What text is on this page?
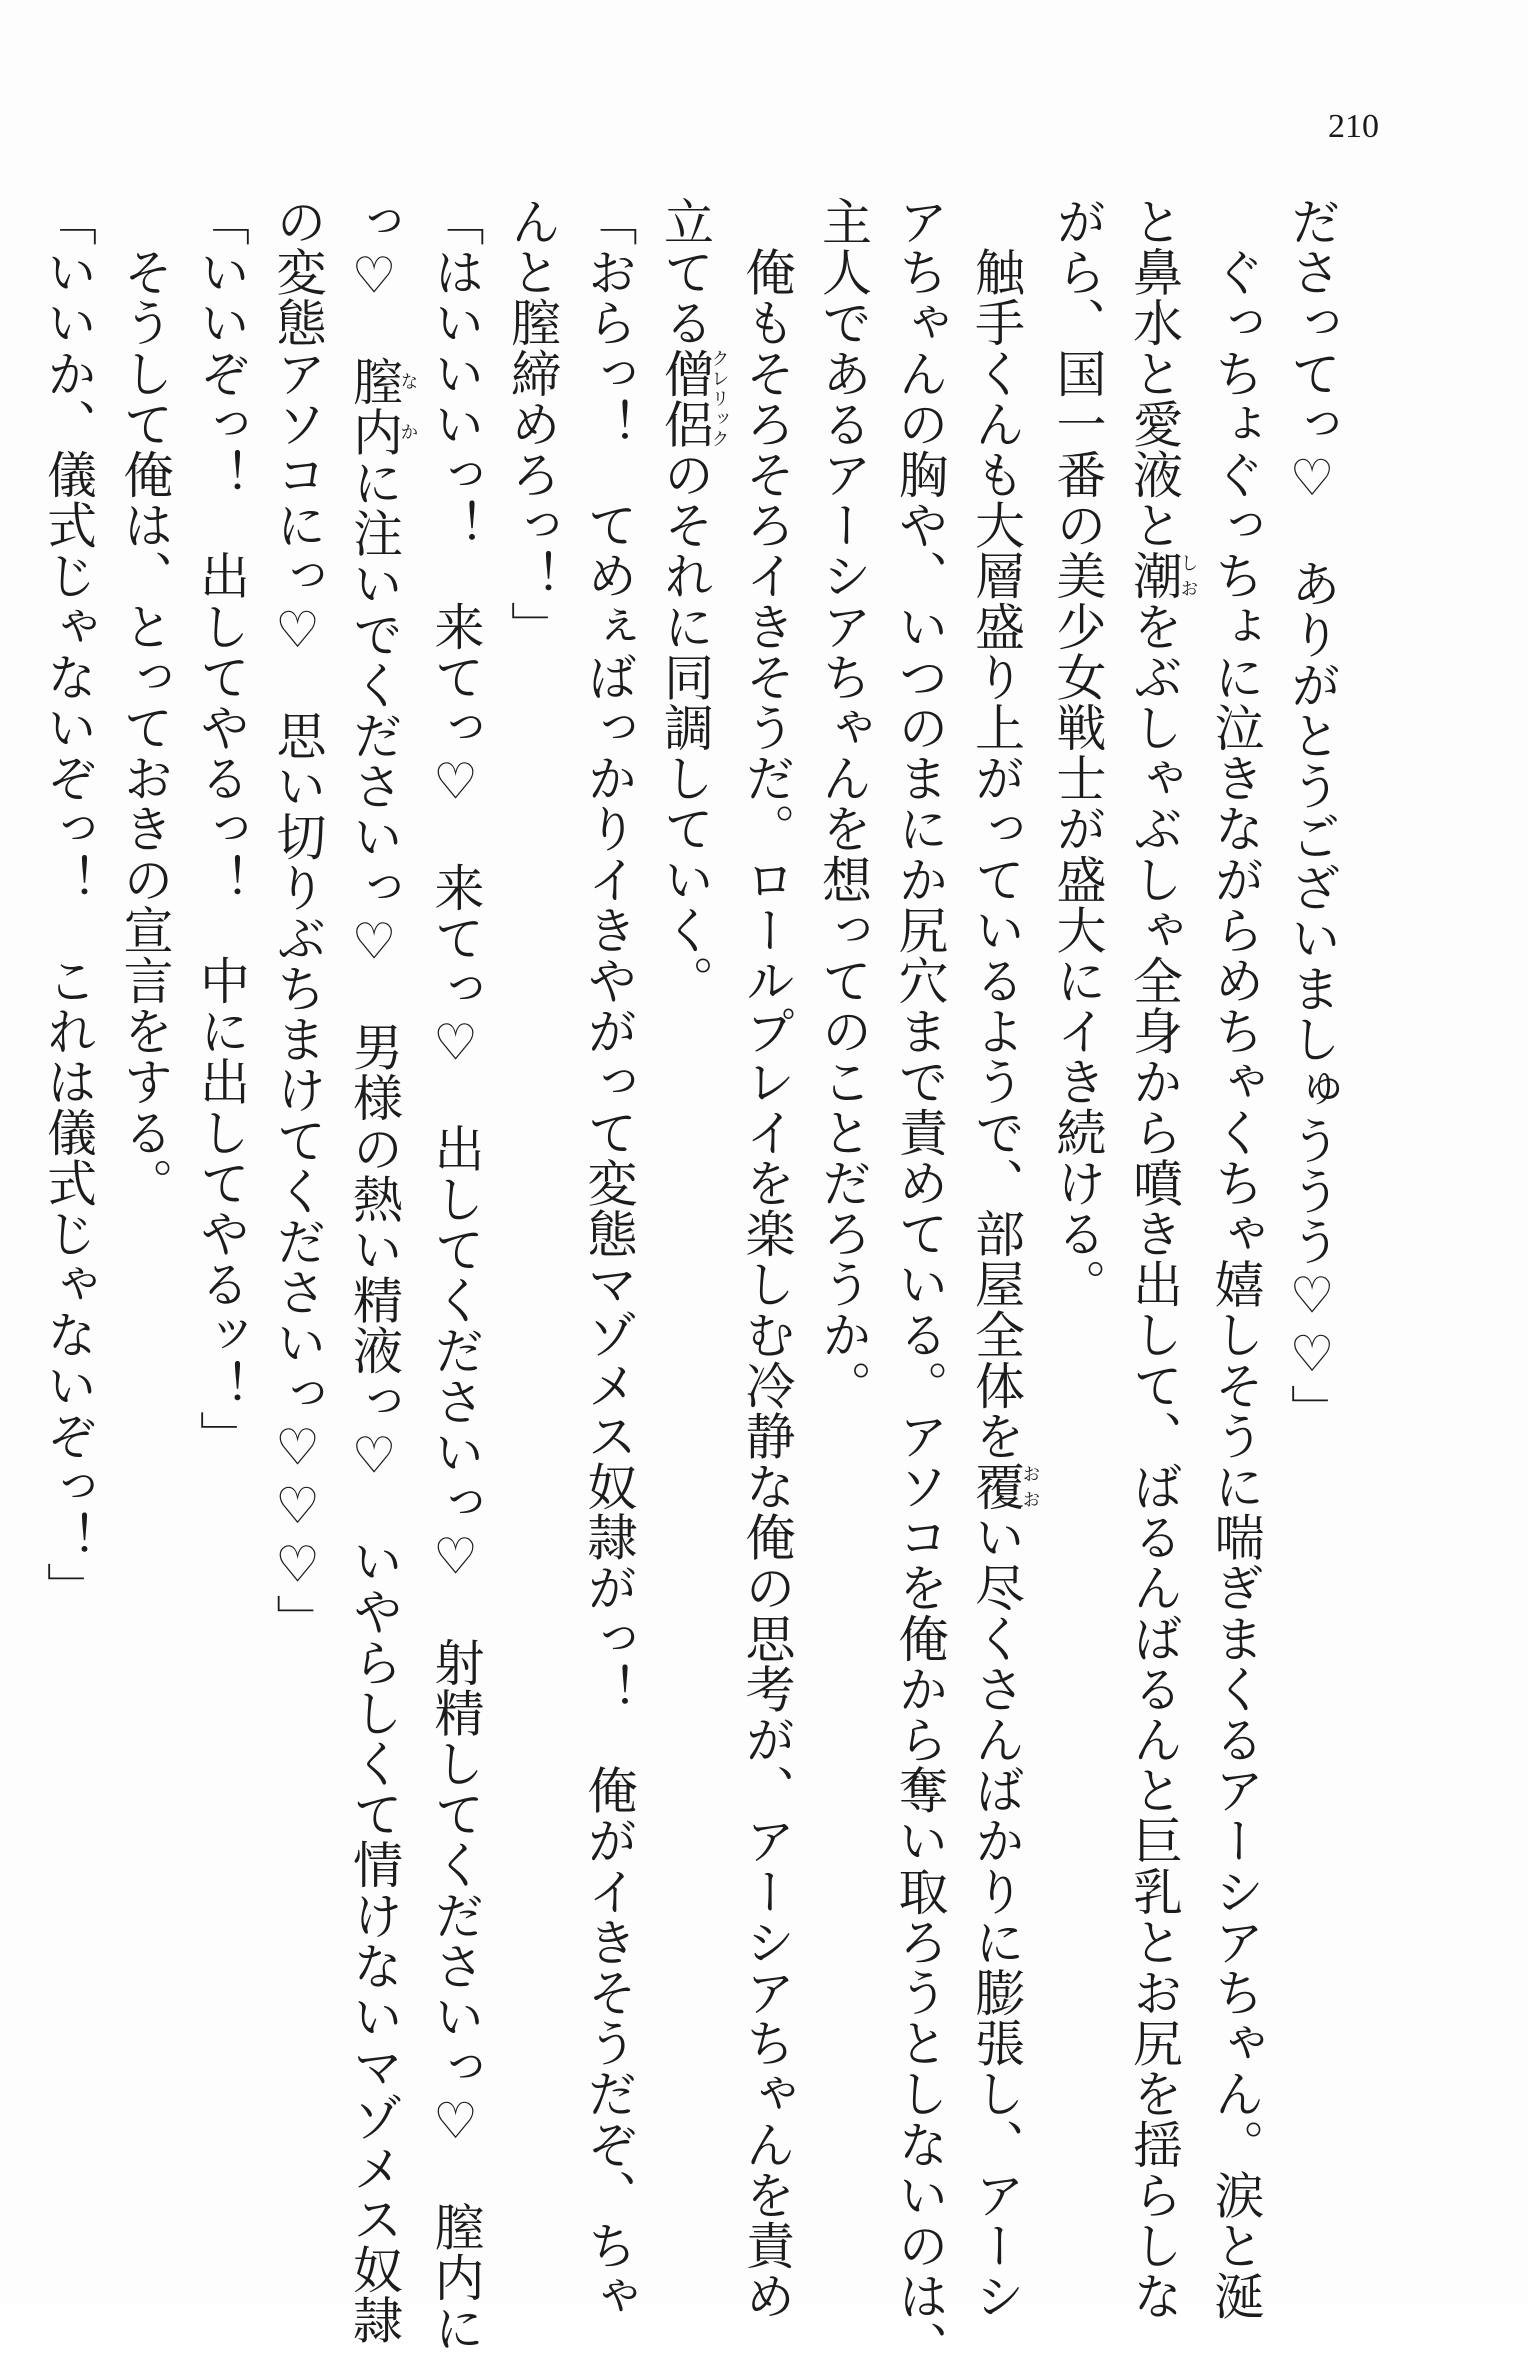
210
ださってっ♡　ありがとうございましゅううう♡♡」
　ぐっちょぐっちょに泣きながらめちゃくちゃ嬉しそうに喘ぎまくるアーシアちゃん。涙と涎
と鼻水と愛液と潮しおをぶしゃぶしゃ全身から噴き出して、ばるんばるんと巨乳とお尻を揺らしな
がら、国一番の美少女戦士が盛大にイき続ける。
　触手くんも大層盛り上がっているようで、部屋全体を覆おおい尽くさんばかりに膨張し、アーシ
アちゃんの胸や、いつのまにか尻穴まで責めている。アソコを俺から奪い取ろうとしないのは、
主人であるアーシアちゃんを想ってのことだろうか。
　俺もそろそろイきそうだ。ロールプレイを楽しむ冷静な俺の思考が、アーシアちゃんを責め
立てる僧侶クレリックのそれに同調していく。
「おらっ！　てめぇばっかりイきやがって変態マゾメス奴隷がっ！　俺がイきそうだぞ、ちゃ
んと膣締めろっ！」
「はいいいっ！　来てっ♡　来てっ♡　出してくださいっ♡　射精してくださいっ♡　膣内に
っ♡　膣内なかに注いでくださいっ♡　男様の熱い精液っ♡　いやらしくて情けないマゾメス奴隷
の変態アソコにっ♡　思い切りぶちまけてくださいっ♡♡♡」
「いいぞっ！　出してやるっ！　中に出してやるッ！」
　そうして俺は、とっておきの宣言をする。
「いいか、儀式じゃないぞっ！　これは儀式じゃないぞっ！」
